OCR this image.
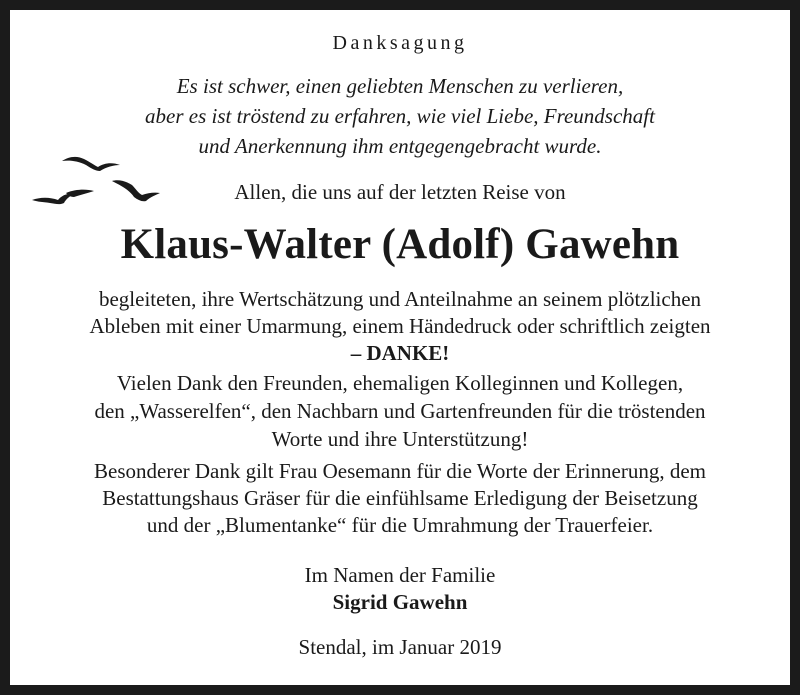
Danksagung
Es ist schwer, einen geliebten Menschen zu verlieren,
aber es ist tröstend zu erfahren, wie viel Liebe, Freundschaft
und Anerkennung ihm entgegengebracht wurde.
Allen, die uns auf der letzten Reise von
Klaus-Walter (Adolf) Gawehn
begleiteten, ihre Wertschätzung und Anteilnahme an seinem plötzlichen
Ableben mit einer Umarmung, einem Händedruck oder schriftlich zeigten
– DANKE!
Vielen Dank den Freunden, ehemaligen Kolleginnen und Kollegen,
den „Wasserelfen“, den Nachbarn und Gartenfreunden für die tröstenden
Worte und ihre Unterstützung!
Besonderer Dank gilt Frau Oesemann für die Worte der Erinnerung, dem
Bestattungshaus Gräser für die einfühlsame Erledigung der Beisetzung
und der „Blumentanke“ für die Umrahmung der Trauerfeier.
Im Namen der Familie
Sigrid Gawehn
Stendal, im Januar 2019
